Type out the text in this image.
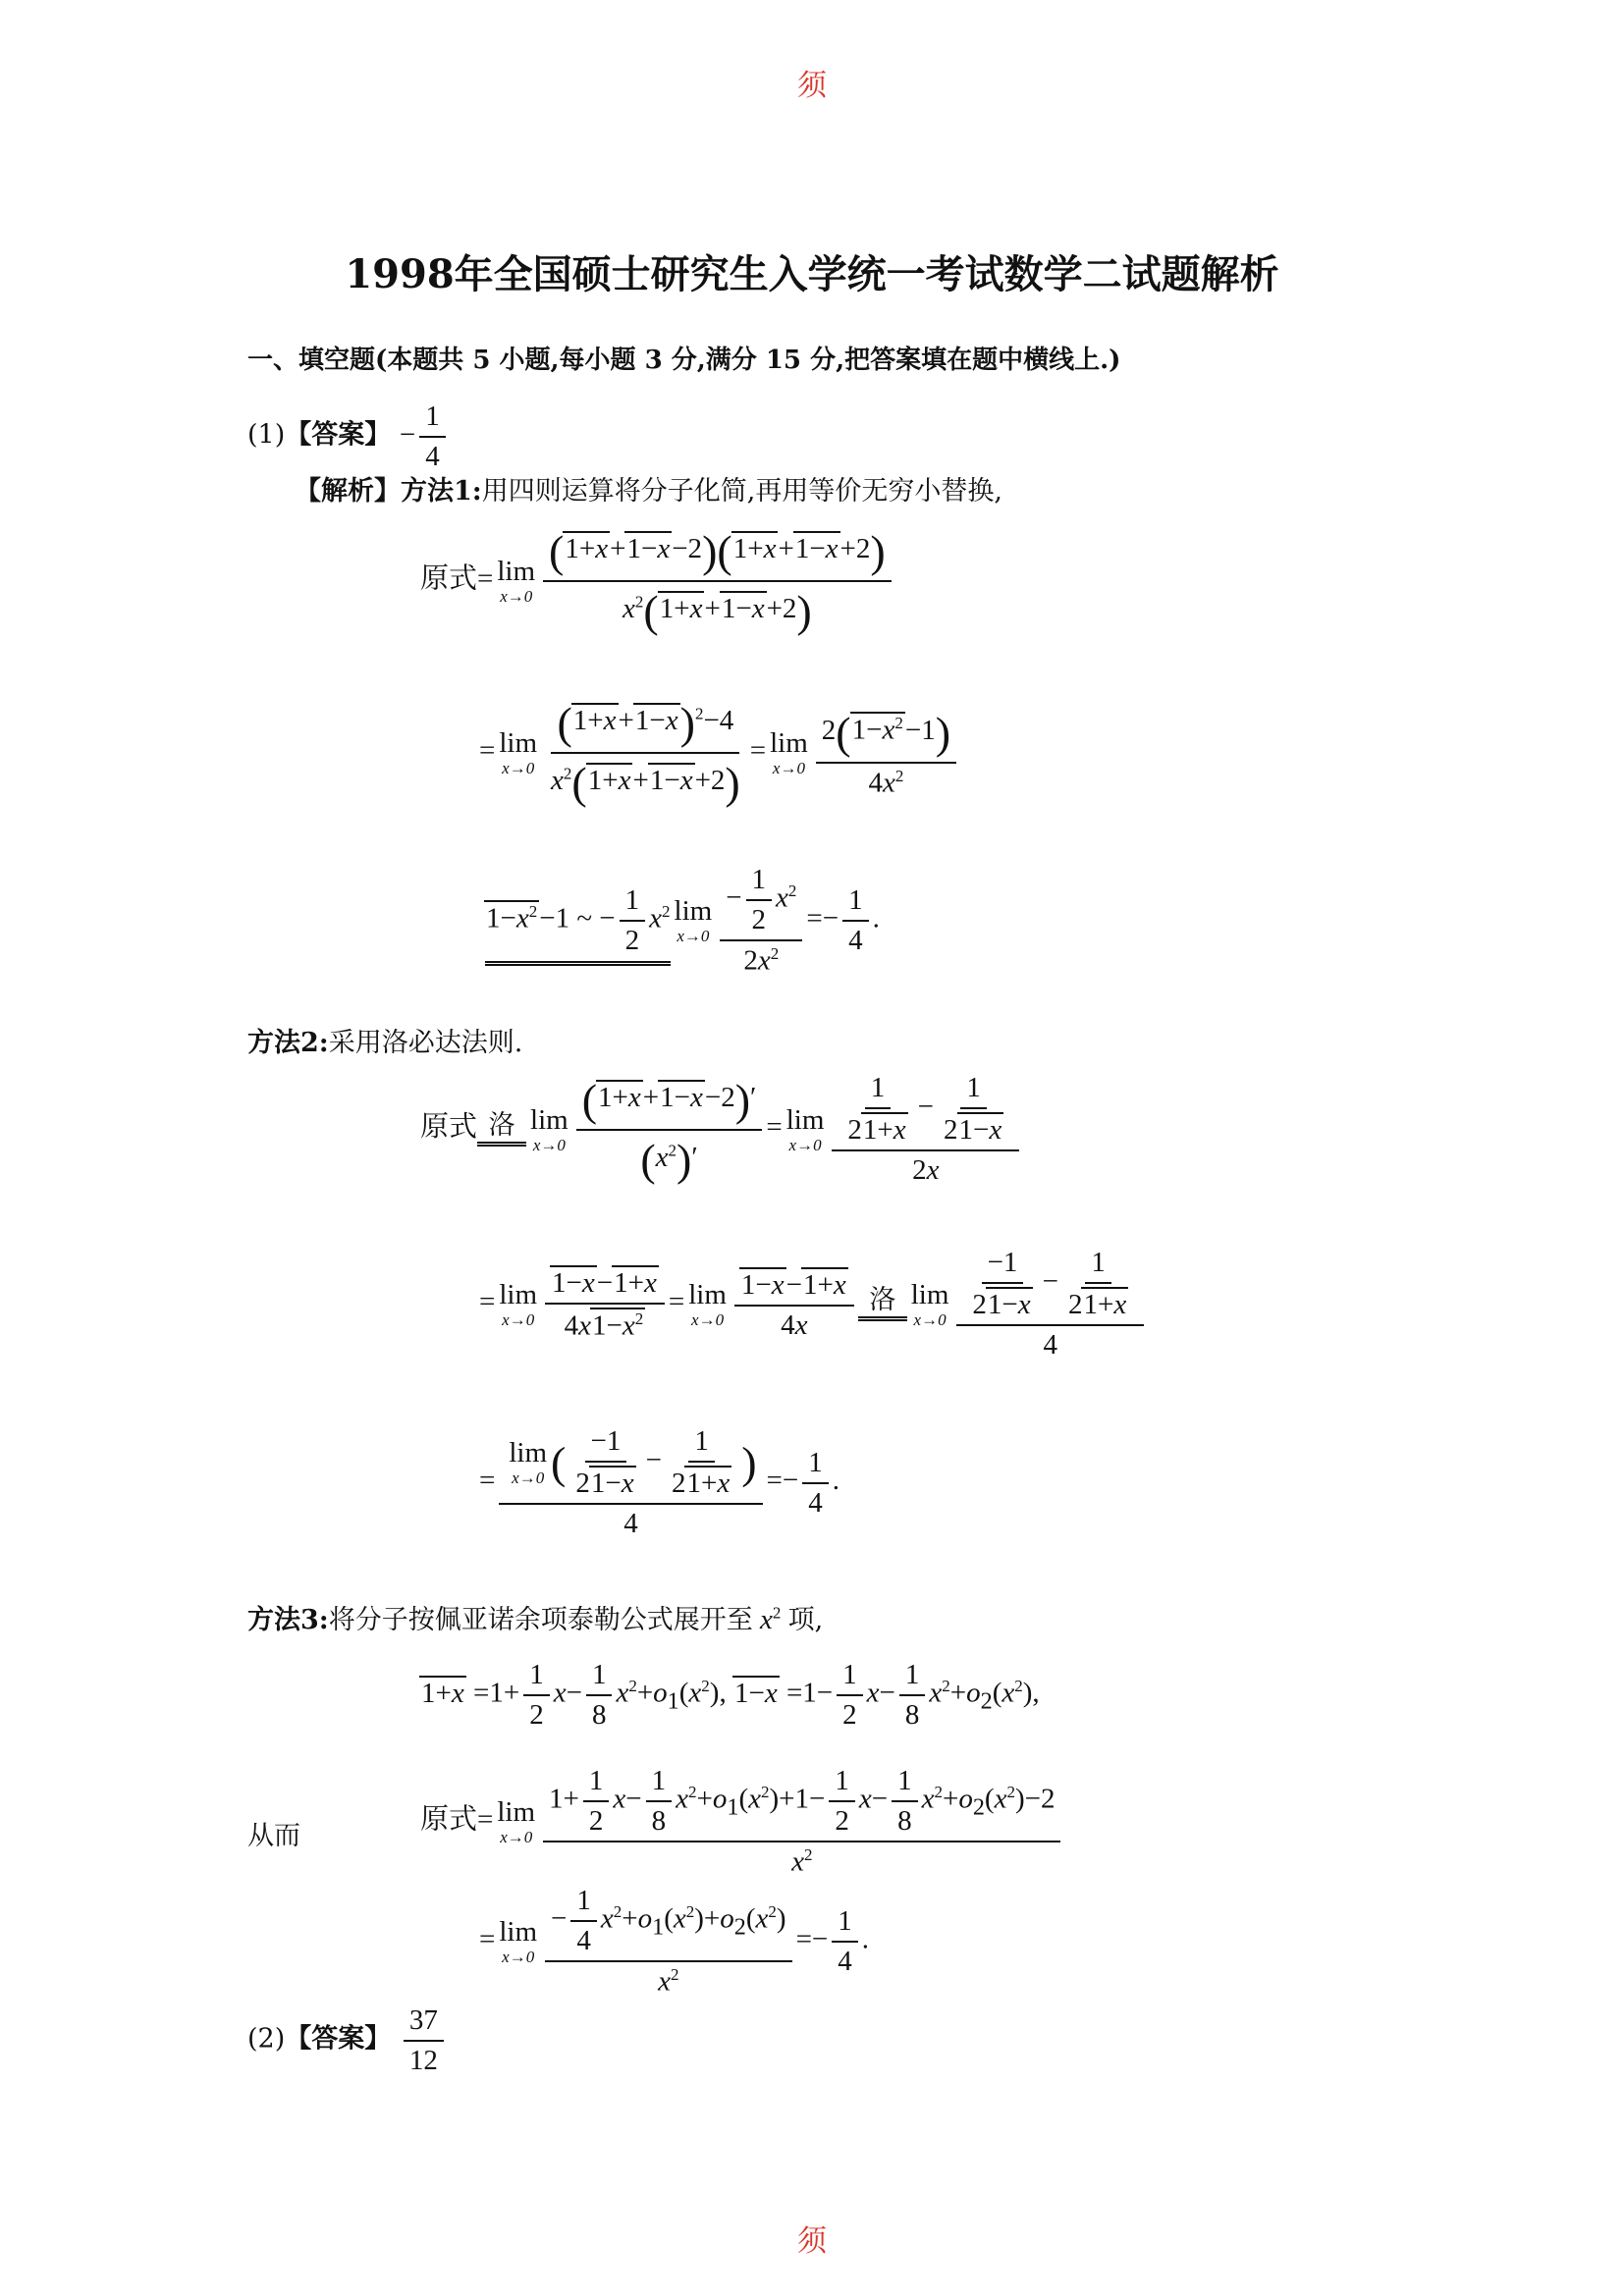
须
须
1998年全国硕士研究生入学统一考试数学二试题解析
一、填空题(本题共 5 小题,每小题 3 分,满分 15 分,把答案填在题中横线上.)
(1)【答案】 − $\frac{1}{4}$
【解析】方法1:用四则运算将分子化简,再用等价无穷小替换,
原式= lim
$x\to 0 \frac{(1+x+1-x-2)(1+x+1-x+2)}{x^2(1+x+1-x+2)}$
= lim
$x\to 0 \frac{(1+x+1-x)^2-4}{x^2(1+x+1-x+2)} = \lim$
$x\to 0 \frac{2(1-x^2-1)}{4x^2}$
$1-x^2-1$ ~ − $\frac{1}{2} x^2$ lim
$x\to 0 \frac{- \frac{1}{2} x^2}{2x^2} =- \frac{1}{4}$ .
方法2:采用洛必达法则.
原式 洛 lim
$x\to 0 \frac{(1+x+1-x-2)'}{(x^2)'} = \lim$
$x\to 0 \frac{\frac{1}{21+x} - \frac{1}{21-x}}{2x}$
= lim
$x\to 0 \frac{1-x-1+x}{4x1-x^2} = \lim$
$x\to 0 \frac{1-x-1+x}{4x}$ 洛 lim
$x\to 0 \frac{\frac{-1}{21-x} - \frac{1}{21+x}}{4}$
= lim
x→0 ( $\frac{-1}{21-x} - \frac{1}{21+x}$ )
$4 =- \frac{1}{4}$ .
方法3:将分子按佩亚诺余项泰勒公式展开至 $x^2$ 项,
$1+x =1+ \frac{1}{2} x- \frac{1}{8} x^2+o_1(x^2)$, $1-x =1- \frac{1}{2} x- \frac{1}{8} x^2+o_2(x^2)$,
从而
原式= lim
$x\to 0 \frac{1+ \frac{1}{2} x- \frac{1}{8} x^2+o_1(x^2)+1- \frac{1}{2} x- \frac{1}{8} x^2+o_2(x^2)-2}{x^2}$
= lim
$x\to 0 \frac{- \frac{1}{4} x^2+o_1(x^2)+o_2(x^2)}{x^2} =- \frac{1}{4}$ .
(2)【答案】 $\frac{37}{12}$
